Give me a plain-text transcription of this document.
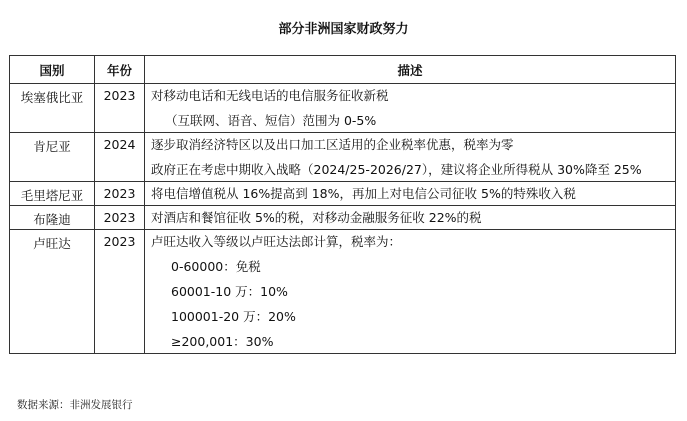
部分非洲国家财政努力
国别	年份	描述
埃塞俄比亚	2023	对移动电话和无线电话的电信服务征收新税
（互联网、语音、短信）范围为 0-5%

肯尼亚	2024	逐步取消经济特区以及出口加工区适用的企业税率优惠，税率为零
政府正在考虑中期收入战略（2024/25-2026/27），建议将企业所得税从 30%降至 25%

毛里塔尼亚	2023	将电信增值税从 16%提高到 18%，再加上对电信公司征收 5%的特殊收入税

布隆迪	2023	对酒店和餐馆征收 5%的税，对移动金融服务征收 22%的税

卢旺达	2023	卢旺达收入等级以卢旺达法郎计算，税率为：
0-60000：免税
60001-10 万：10%
100001-20 万：20%
≥200,001：30%
数据来源：非洲发展银行
